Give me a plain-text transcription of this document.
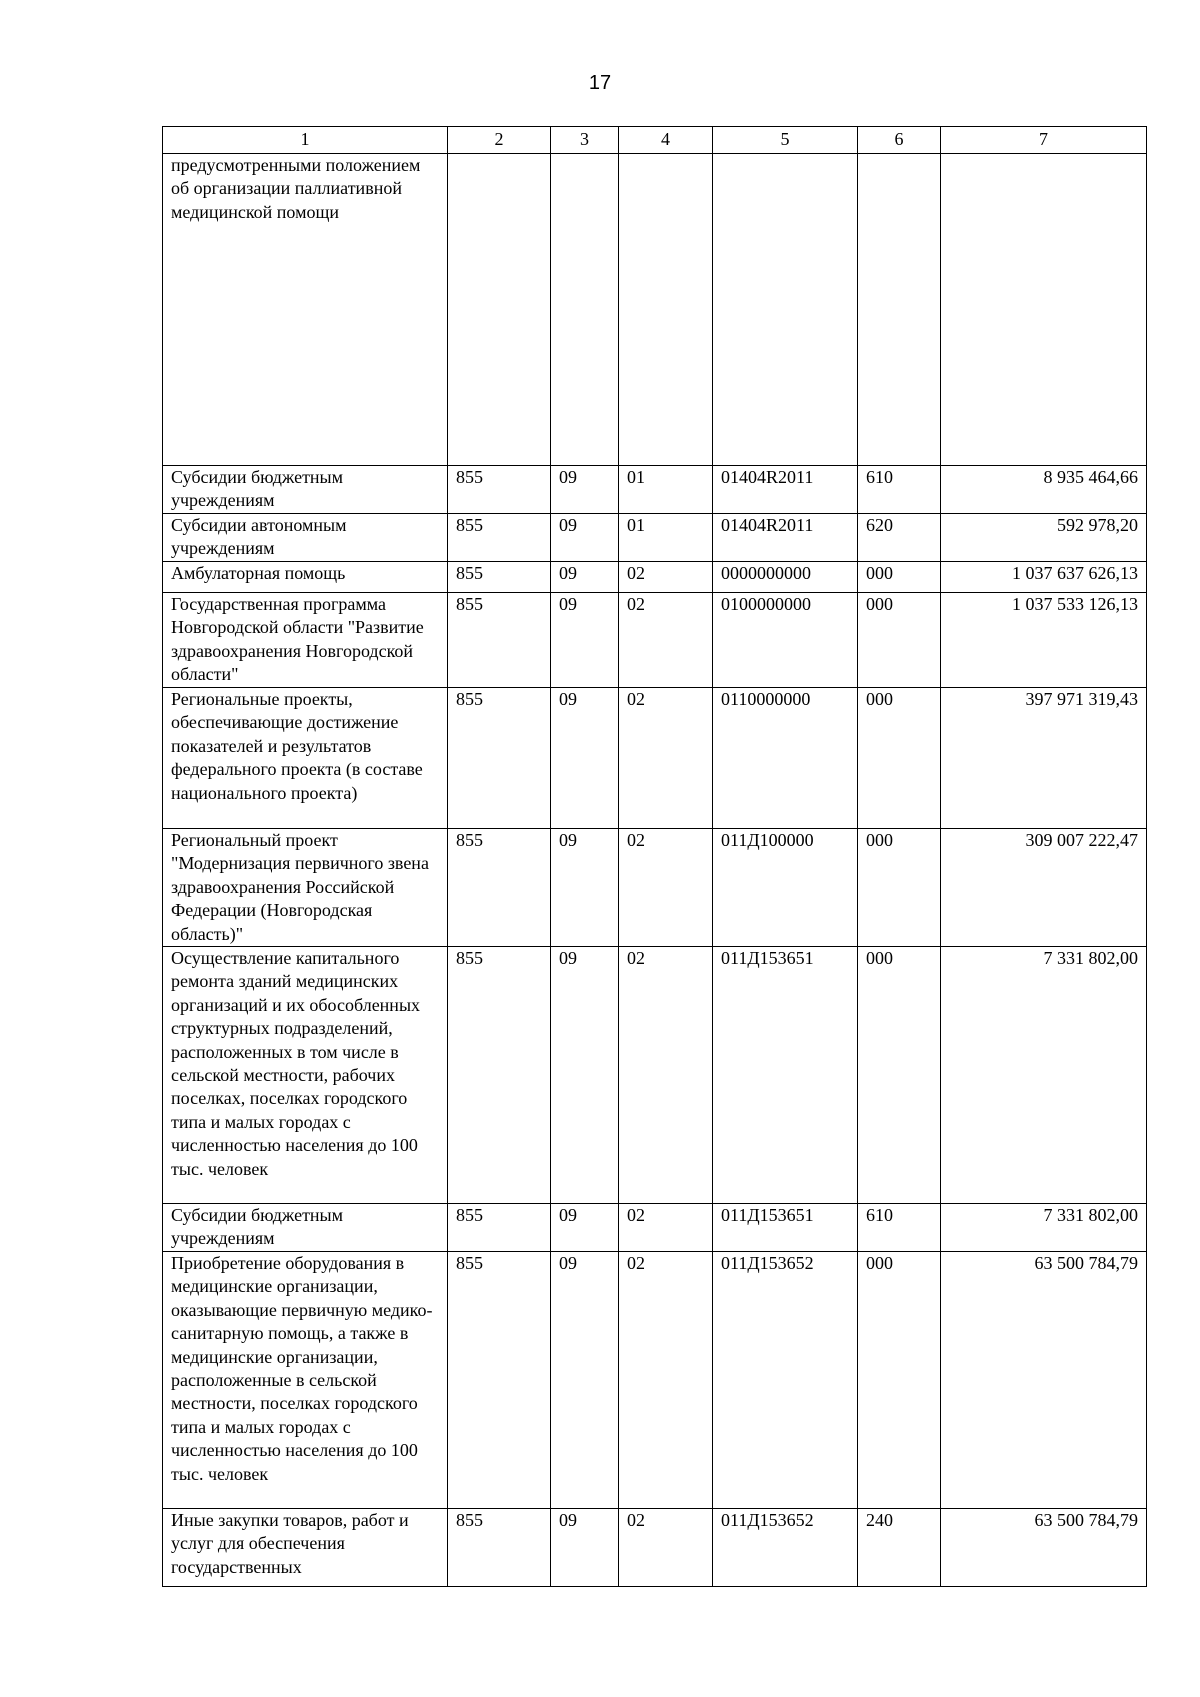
17
1	2	3	4	5	6	7
предусмотренными положением об организации паллиативной медицинской помощи						
Субсидии бюджетным учреждениям	855	09	01	01404R2011	610	8 935 464,66
Субсидии автономным учреждениям	855	09	01	01404R2011	620	592 978,20
Амбулаторная помощь	855	09	02	0000000000	000	1 037 637 626,13
Государственная программа Новгородской области "Развитие здравоохранения Новгородской области"	855	09	02	0100000000	000	1 037 533 126,13
Региональные проекты, обеспечивающие достижение показателей и результатов федерального проекта (в составе национального проекта)	855	09	02	0110000000	000	397 971 319,43
Региональный проект "Модернизация первичного звена здравоохранения Российской Федерации (Новгородская область)"	855	09	02	011Д100000	000	309 007 222,47
Осуществление капитального ремонта зданий медицинских организаций и их обособленных структурных подразделений, расположенных в том числе в сельской местности, рабочих поселках, поселках городского типа и малых городах с численностью населения до 100 тыс. человек	855	09	02	011Д153651	000	7 331 802,00
Субсидии бюджетным учреждениям	855	09	02	011Д153651	610	7 331 802,00
Приобретение оборудования в медицинские организации, оказывающие первичную медико-санитарную помощь, а также в медицинские организации, расположенные в сельской местности, поселках городского типа и малых городах с численностью населения до 100 тыс. человек	855	09	02	011Д153652	000	63 500 784,79
Иные закупки товаров, работ и услуг для обеспечения государственных	855	09	02	011Д153652	240	63 500 784,79
